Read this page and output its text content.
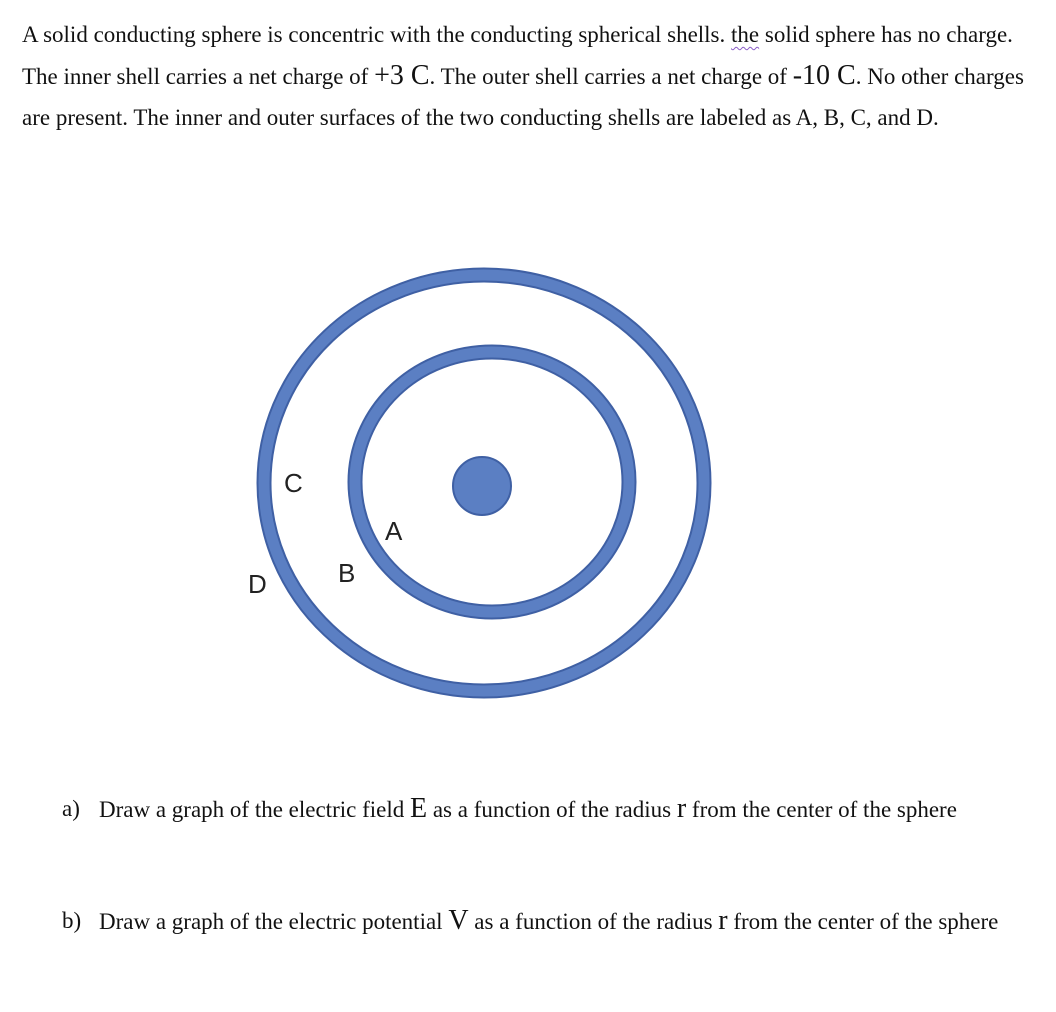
A solid conducting sphere is concentric with the conducting spherical shells. the solid sphere has no charge. The inner shell carries a net charge of +3 C. The outer shell carries a net charge of -10 C. No other charges are present. The inner and outer surfaces of the two conducting shells are labeled as A, B, C, and D.
C
A
B
D
a) Draw a graph of the electric field E as a function of the radius r from the center of the sphere
b) Draw a graph of the electric potential V as a function of the radius r from the center of the sphere
